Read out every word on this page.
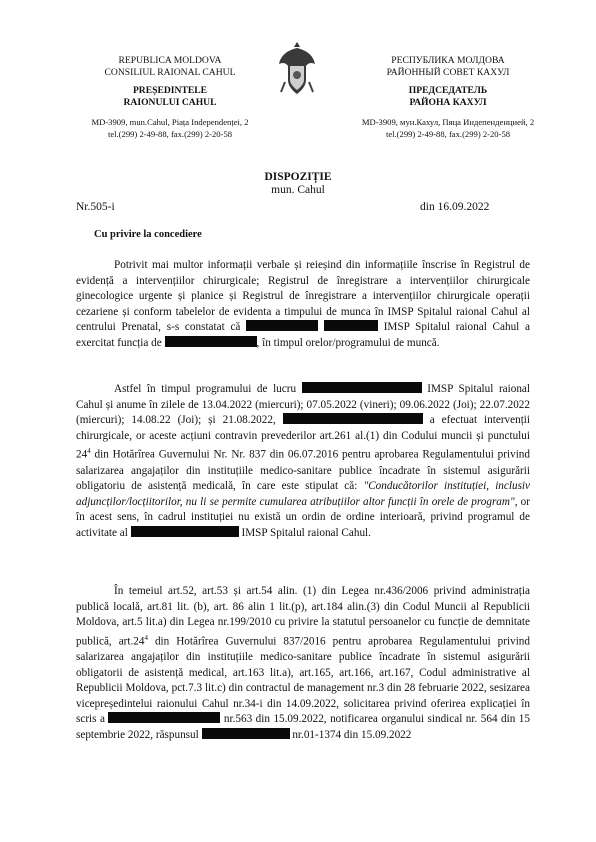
REPUBLICA MOLDOVA
CONSILIUL RAIONAL CAHUL
PREȘEDINTELE
RAIONULUI CAHUL
MD-3909, mun.Cahul, Piața Independenței, 2
tel.(299) 2-49-88, fax.(299) 2-20-58
РЕСПУБЛИКА МОЛДОВА
РАЙОННЫЙ СОВЕТ КАХУЛ
ПРЕДСЕДАТЕЛЬ
РАЙОНА КАХУЛ
MD-3909, мун.Кахул, Пяца Индепенденцией, 2
tel.(299) 2-49-88, fax.(299) 2-20-58
DISPOZIȚIE
mun. Cahul
Nr.505-i	din 16.09.2022
Cu privire la concediere

Potrivit mai multor informații verbale și reieșind din informațiile înscrise în Registrul de evidență a intervențiilor chirurgicale; Registrul de înregistrare a intervențiilor chirurgicale ginecologice urgente și planice și Registrul de înregistrare a intervențiilor chirurgicale operații cezariene și conform tabelelor de evidenta a timpului de munca în IMSP Spitalul raional Cahul al centrului Prenatal, s-s constatat că	IMSP Spitalul raional Cahul a exercitat funcția de	, în timpul orelor/programului de muncă.

Astfel în timpul programului de lucru	IMSP Spitalul raional Cahul și anume în zilele de 13.04.2022 (miercuri); 07.05.2022 (vineri); 09.06.2022 (Joi); 22.07.2022 (miercuri); 14.08.22 (Joi); și 21.08.2022,	a efectuat intervenții chirurgicale, or aceste acțiuni contravin prevederilor art.261 al.(1) din Codului muncii și punctului $24^4$ din Hotărîrea Guvernului Nr. Nr. 837 din 06.07.2016 pentru aprobarea Regulamentului privind salarizarea angajaților din instituțiile medico-sanitare publice încadrate în sistemul asigurării obligatoriu de asistență medicală, în care este stipulat că: "Conducătorilor instituției, inclusiv adjuncților/locțiitorilor, nu li se permite cumularea atribuțiilor altor funcții în orele de program", or în acest sens, în cadrul instituției nu există un ordin de ordine interioară, privind programul de activitate al	IMSP Spitalul raional Cahul.

În temeiul art.52, art.53 și art.54 alin. (1) din Legea nr.436/2006 privind administrația publică locală, art.81 lit. (b), art. 86 alin 1 lit.(p), art.184 alin.(3) din Codul Muncii al Republicii Moldova, art.5 lit.a) din Legea nr.199/2010 cu privire la statutul persoanelor cu funcție de demnitate publică, $art.24^4$ din Hotărîrea Guvernului 837/2016 pentru aprobarea Regulamentului privind salarizarea angajaților din instituțiile medico-sanitare publice încadrate în sistemul asigurării obligatorii de asistență medical, art.163 lit.a), art.165, art.166, art.167, Codul administrative al Republicii Moldova, pct.7.3 lit.c) din contractul de management nr.3 din 28 februarie 2022, sesizarea vicepreședintelui raionului Cahul nr.34-i din 14.09.2022, solicitarea privind oferirea explicației în scris a	nr.563 din 15.09.2022, notificarea organului sindical nr. 564 din 15 septembrie 2022, răspunsul	nr.01-1374 din 15.09.2022
